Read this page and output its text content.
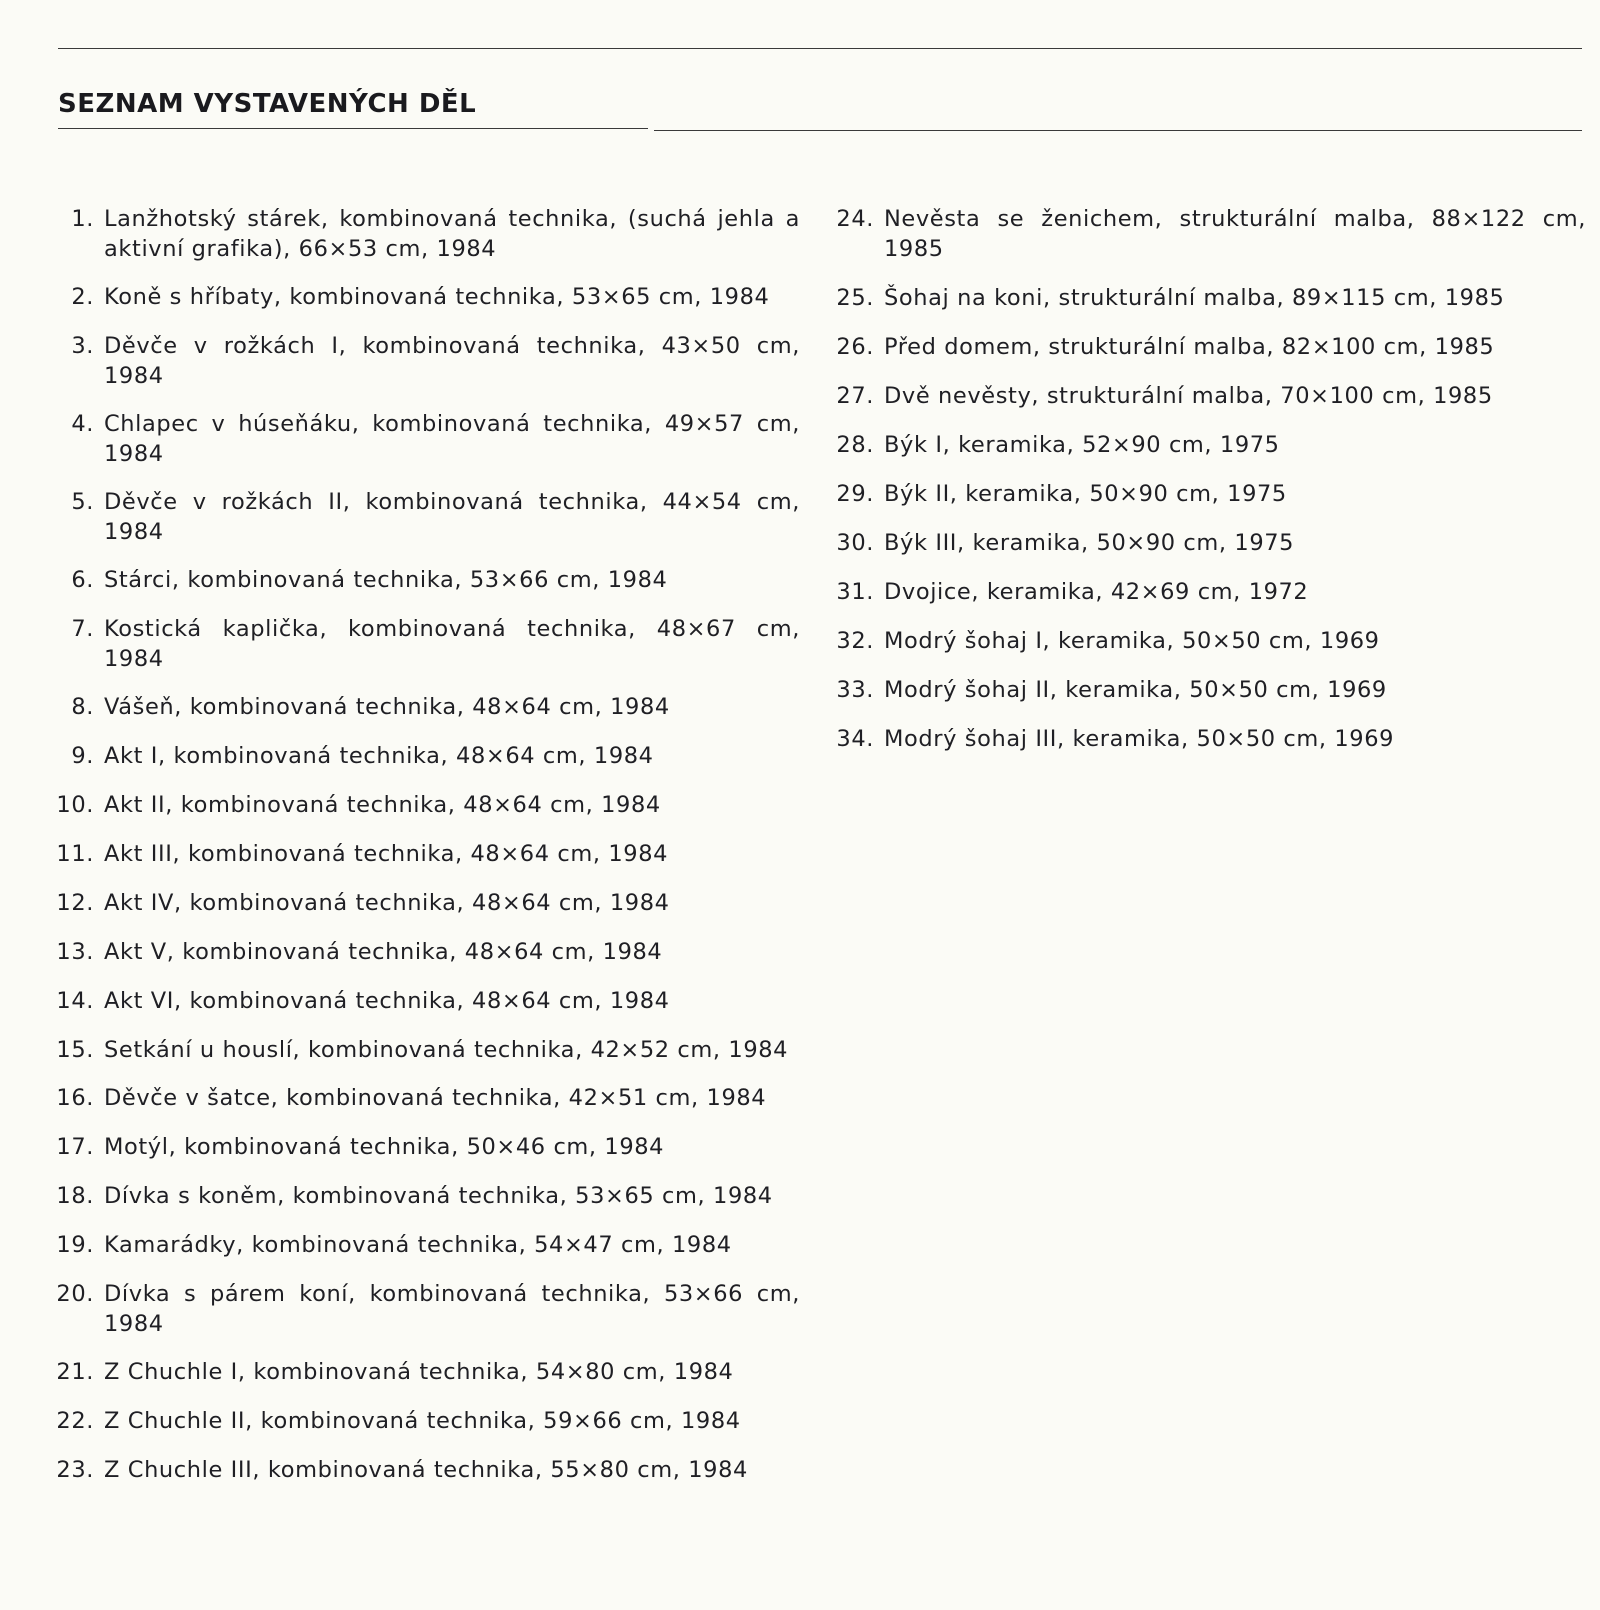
SEZNAM VYSTAVENÝCH DĚL
1. Lanžhotský stárek, kombinovaná technika, (suchá jehla a aktivní grafika), 66×53 cm, 1984
2. Koně s hříbaty, kombinovaná technika, 53×65 cm, 1984
3. Děvče v rožkách I, kombinovaná technika, 43×50 cm, 1984
4. Chlapec v húseňáku, kombinovaná technika, 49×57 cm, 1984
5. Děvče v rožkách II, kombinovaná technika, 44×54 cm, 1984
6. Stárci, kombinovaná technika, 53×66 cm, 1984
7. Kostická kaplička, kombinovaná technika, 48×67 cm, 1984
8. Vášeň, kombinovaná technika, 48×64 cm, 1984
9. Akt I, kombinovaná technika, 48×64 cm, 1984
10. Akt II, kombinovaná technika, 48×64 cm, 1984
11. Akt III, kombinovaná technika, 48×64 cm, 1984
12. Akt IV, kombinovaná technika, 48×64 cm, 1984
13. Akt V, kombinovaná technika, 48×64 cm, 1984
14. Akt VI, kombinovaná technika, 48×64 cm, 1984
15. Setkání u houslí, kombinovaná technika, 42×52 cm, 1984
16. Děvče v šatce, kombinovaná technika, 42×51 cm, 1984
17. Motýl, kombinovaná technika, 50×46 cm, 1984
18. Dívka s koněm, kombinovaná technika, 53×65 cm, 1984
19. Kamarádky, kombinovaná technika, 54×47 cm, 1984
20. Dívka s párem koní, kombinovaná technika, 53×66 cm, 1984
21. Z Chuchle I, kombinovaná technika, 54×80 cm, 1984
22. Z Chuchle II, kombinovaná technika, 59×66 cm, 1984
23. Z Chuchle III, kombinovaná technika, 55×80 cm, 1984
24. Nevěsta se ženichem, strukturální malba, 88×122 cm, 1985
25. Šohaj na koni, strukturální malba, 89×115 cm, 1985
26. Před domem, strukturální malba, 82×100 cm, 1985
27. Dvě nevěsty, strukturální malba, 70×100 cm, 1985
28. Býk I, keramika, 52×90 cm, 1975
29. Býk II, keramika, 50×90 cm, 1975
30. Býk III, keramika, 50×90 cm, 1975
31. Dvojice, keramika, 42×69 cm, 1972
32. Modrý šohaj I, keramika, 50×50 cm, 1969
33. Modrý šohaj II, keramika, 50×50 cm, 1969
34. Modrý šohaj III, keramika, 50×50 cm, 1969
